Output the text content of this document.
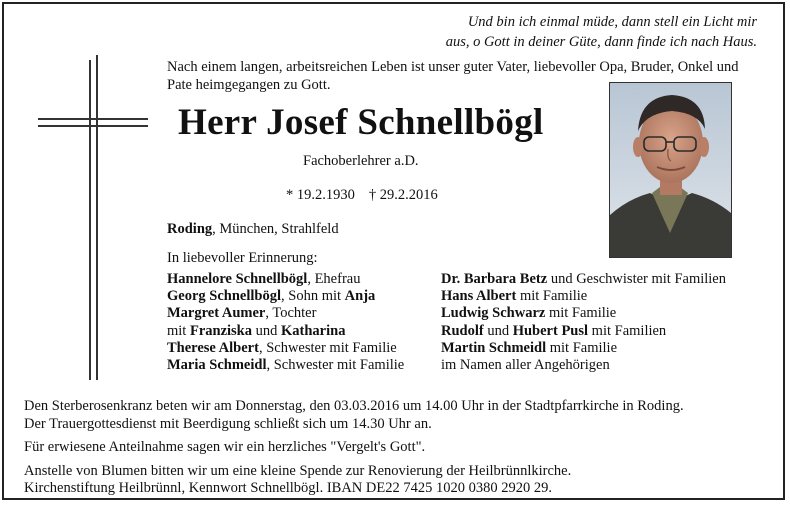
Und bin ich einmal müde, dann stell ein Licht mir
aus, o Gott in deiner Güte, dann finde ich nach Haus.
Nach einem langen, arbeitsreichen Leben ist unser guter Vater, liebevoller Opa, Bruder, Onkel und
Pate heimgegangen zu Gott.
Herr Josef Schnellbögl
Fachoberlehrer a.D.
* 19.2.1930 † 29.2.2016
Roding, München, Strahlfeld
In liebevoller Erinnerung:
Hannelore Schnellbögl, Ehefrau
Georg Schnellbögl, Sohn mit Anja
Margret Aumer, Tochter
mit Franziska und Katharina
Therese Albert, Schwester mit Familie
Maria Schmeidl, Schwester mit Familie
Dr. Barbara Betz und Geschwister mit Familien
Hans Albert mit Familie
Ludwig Schwarz mit Familie
Rudolf und Hubert Pusl mit Familien
Martin Schmeidl mit Familie
im Namen aller Angehörigen
Den Sterberosenkranz beten wir am Donnerstag, den 03.03.2016 um 14.00 Uhr in der Stadtpfarrkirche in Roding.
Der Trauergottesdienst mit Beerdigung schließt sich um 14.30 Uhr an.
Für erwiesene Anteilnahme sagen wir ein herzliches "Vergelt's Gott".
Anstelle von Blumen bitten wir um eine kleine Spende zur Renovierung der Heilbrünnlkirche.
Kirchenstiftung Heilbrünnl, Kennwort Schnellbögl. IBAN DE22 7425 1020 0380 2920 29.
